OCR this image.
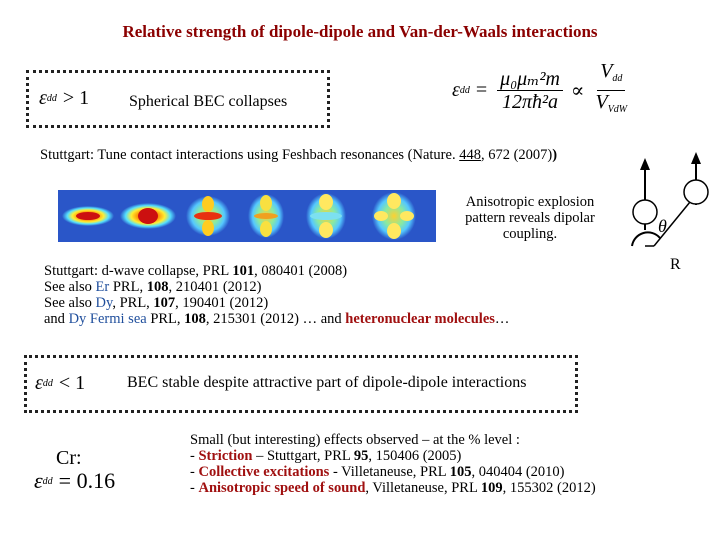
Relative strength of dipole-dipole and Van-der-Waals interactions
ε dd > 1 Spherical BEC collapses
ε dd = $\frac{\text{μ₀μₘ²m}}{\text{12πħ²a}} \propto \frac{V_{dd}}{V_{VdW}}$
Stuttgart: Tune contact interactions using Feshbach resonances (Nature. 448, 672 (2007))
Anisotropic explosion
pattern reveals dipolar
coupling.	θ
R
Stuttgart: d-wave collapse, PRL 101, 080401 (2008)
See also Er PRL, 108, 210401 (2012)
See also Dy, PRL, 107, 190401 (2012)
and Dy Fermi sea PRL, 108, 215301 (2012) … and heteronuclear molecules…
ε dd < 1	BEC stable despite attractive part of dipole-dipole interactions
Cr:
ε dd = 0.16
Small (but interesting) effects observed – at the % level :
- Striction – Stuttgart, PRL 95, 150406 (2005)
- Collective excitations - Villetaneuse, PRL 105, 040404 (2010)
- Anisotropic speed of sound, Villetaneuse, PRL 109, 155302 (2012)
